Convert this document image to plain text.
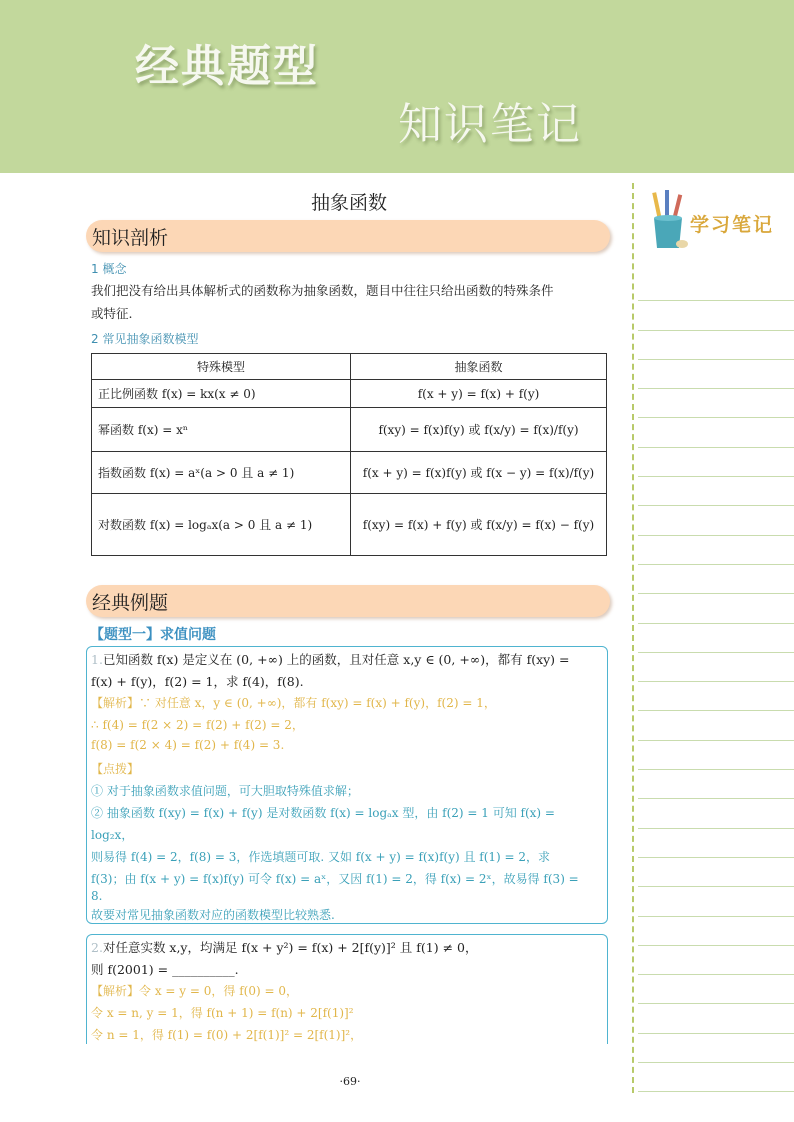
经典题型
知识笔记
学习笔记
抽象函数
知识剖析
1 概念
我们把没有给出具体解析式的函数称为抽象函数，题目中往往只给出函数的特殊条件
或特征.
2 常见抽象函数模型
特殊模型	抽象函数
正比例函数 f(x) = kx(x ≠ 0)	f(x + y) = f(x) + f(y)
幂函数 f(x) = xⁿ	f(xy) = f(x)f(y) 或 f(x/y) = f(x)/f(y)
指数函数 f(x) = aˣ(a > 0 且 a ≠ 1)	f(x + y) = f(x)f(y) 或 f(x − y) = f(x)/f(y)
对数函数 f(x) = logₐx(a > 0 且 a ≠ 1)	f(xy) = f(x) + f(y) 或 f(x/y) = f(x) − f(y)
经典例题
【题型一】求值问题
1.已知函数 f(x) 是定义在 (0, +∞) 上的函数，且对任意 x,y ∈ (0, +∞)，都有 f(xy) =
f(x) + f(y)，f(2) = 1，求 f(4)，f(8).
【解析】∵ 对任意 x，y ∈ (0, +∞)，都有 f(xy) = f(x) + f(y)，f(2) = 1，
∴ f(4) = f(2 × 2) = f(2) + f(2) = 2，
f(8) = f(2 × 4) = f(2) + f(4) = 3.
【点拨】
① 对于抽象函数求值问题，可大胆取特殊值求解；
② 抽象函数 f(xy) = f(x) + f(y) 是对数函数 f(x) = logₐx 型，由 f(2) = 1 可知 f(x) =
log₂x，
则易得 f(4) = 2，f(8) = 3，作选填题可取. 又如 f(x + y) = f(x)f(y) 且 f(1) = 2，求
f(3)；由 f(x + y) = f(x)f(y) 可令 f(x) = aˣ，又因 f(1) = 2，得 f(x) = 2ˣ，故易得 f(3) =
8.
故要对常见抽象函数对应的函数模型比较熟悉.
2.对任意实数 x,y，均满足 f(x + y²) = f(x) + 2[f(y)]² 且 f(1) ≠ 0，
则 f(2001) = __________.
【解析】令 x = y = 0，得 f(0) = 0，
令 x = n, y = 1，得 f(n + 1) = f(n) + 2[f(1)]²
令 n = 1，得 f(1) = f(0) + 2[f(1)]² = 2[f(1)]²，
·69·
